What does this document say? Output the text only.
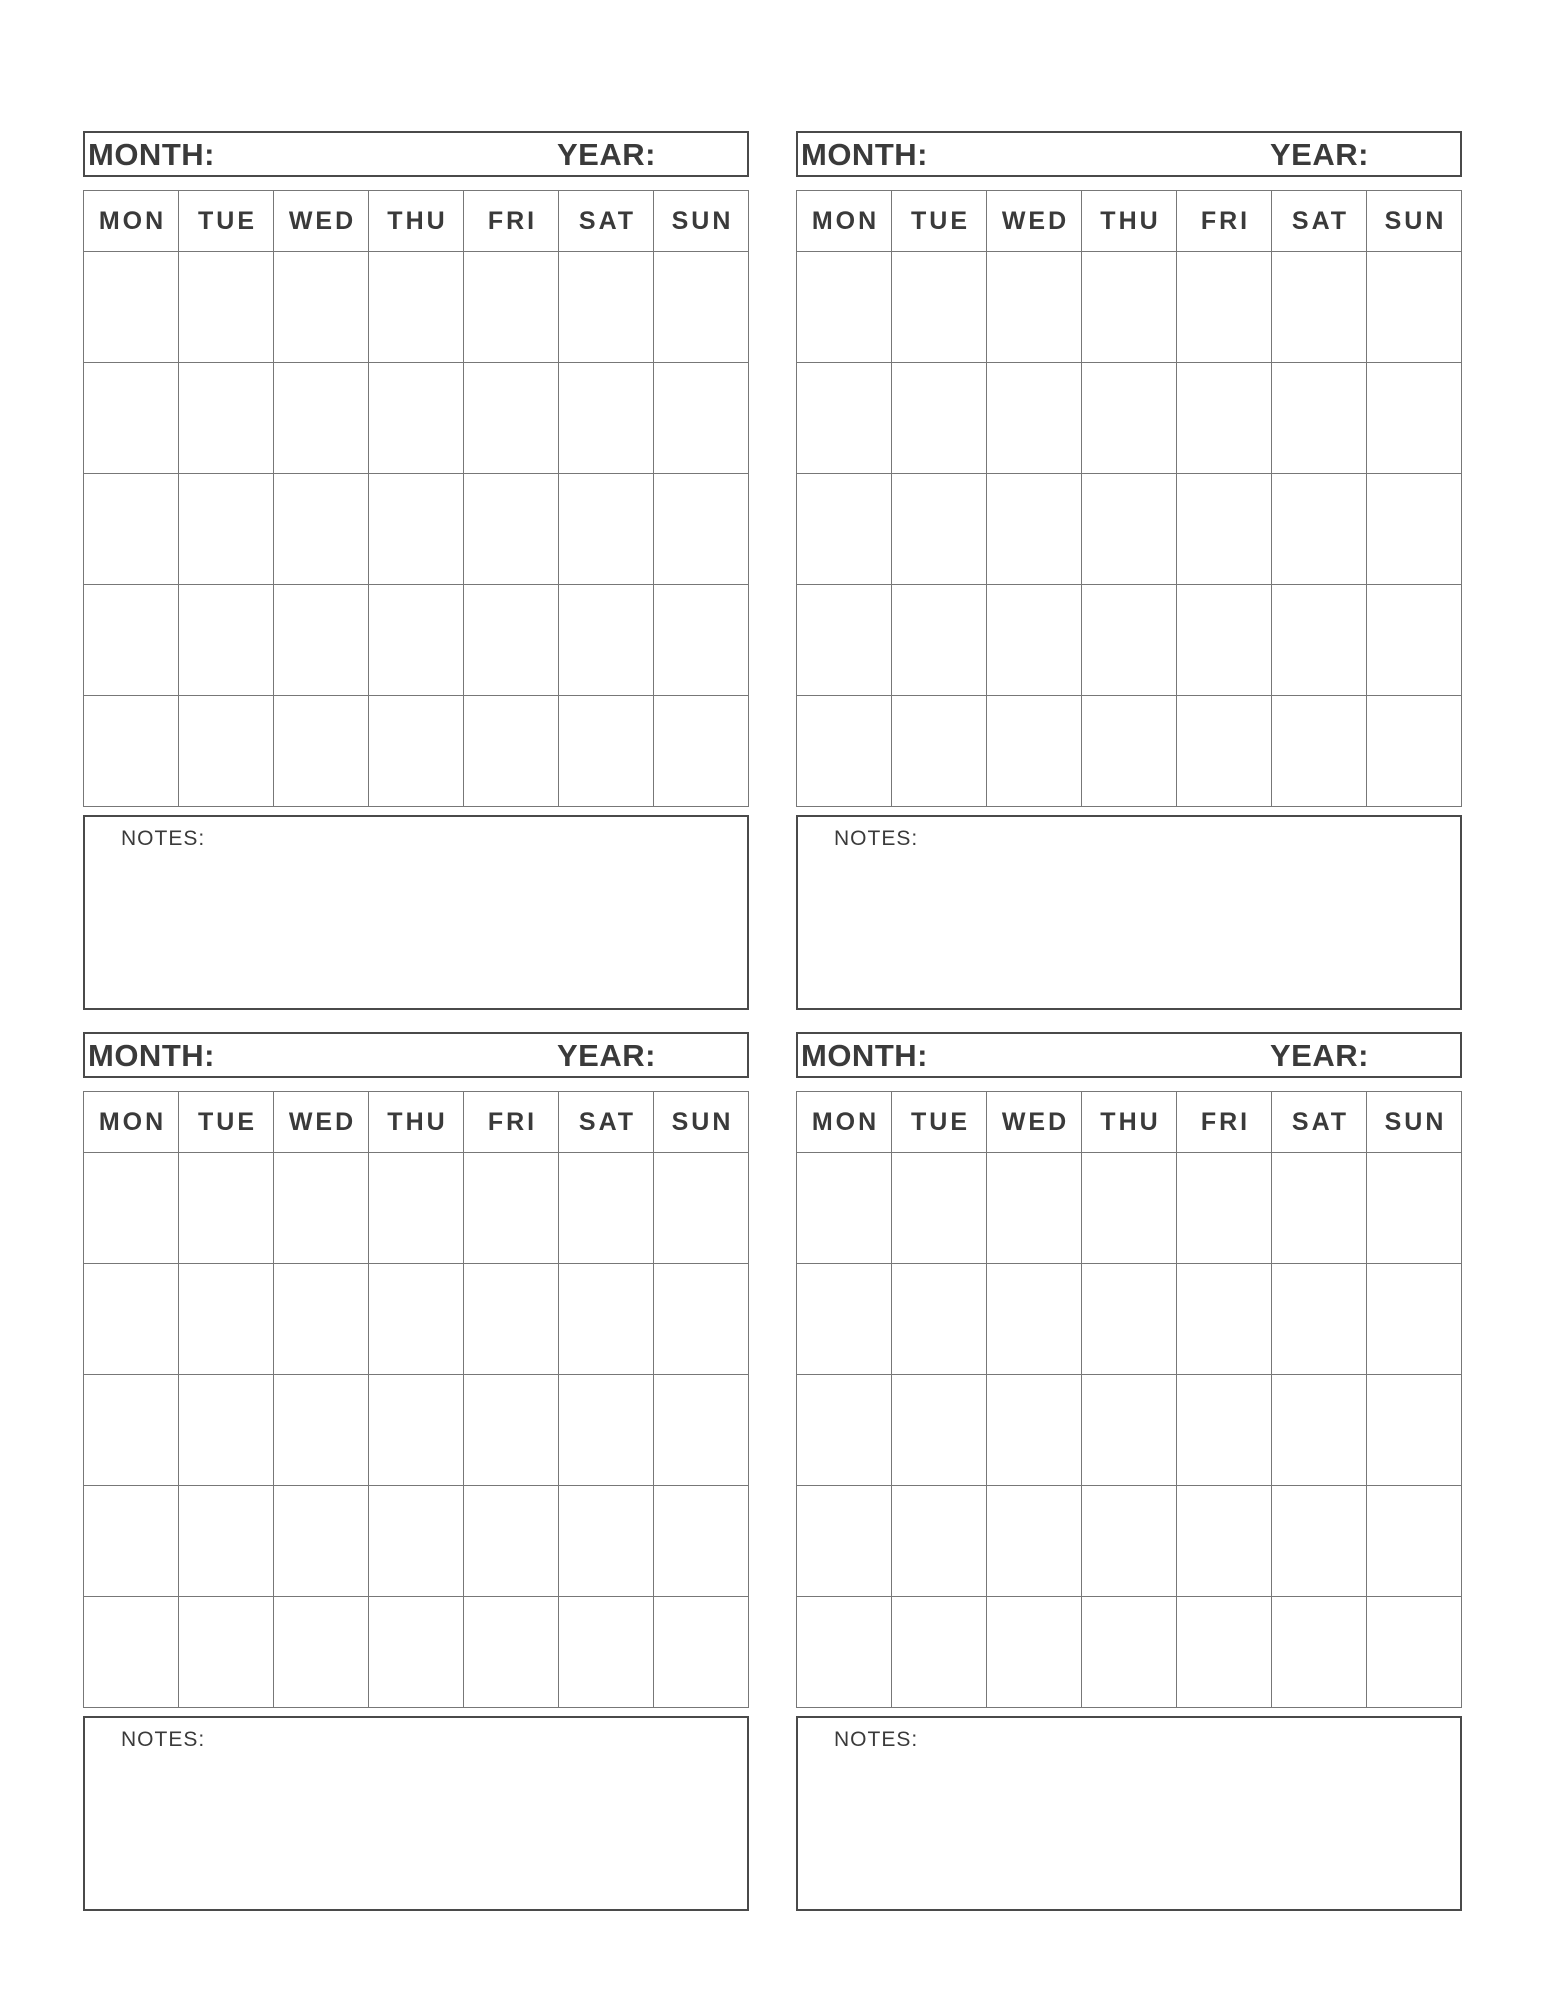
MONTH:	YEAR:
MON	TUE	WED	THU	FRI	SAT	SUN
NOTES:
MONTH:	YEAR:
MON	TUE	WED	THU	FRI	SAT	SUN
NOTES:
MONTH:	YEAR:
MON	TUE	WED	THU	FRI	SAT	SUN
NOTES:
MONTH:	YEAR:
MON	TUE	WED	THU	FRI	SAT	SUN
NOTES:
